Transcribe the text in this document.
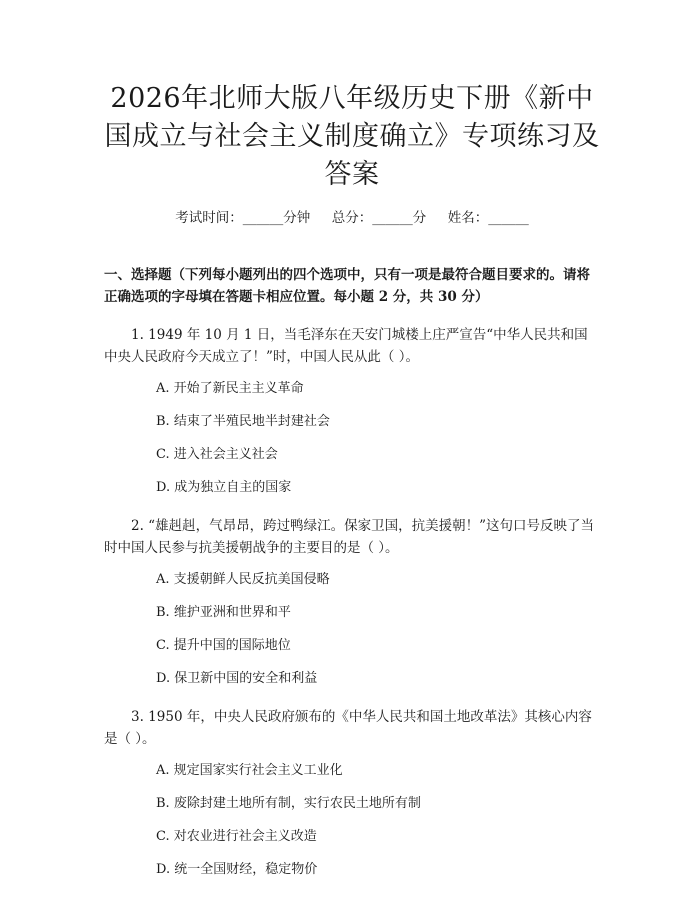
2026年北师大版八年级历史下册《新中国成立与社会主义制度确立》专项练习及答案
考试时间：______分钟     总分：______分     姓名：______
一、选择题（下列每小题列出的四个选项中，只有一项是最符合题目要求的。请将正确选项的字母填在答题卡相应位置。每小题 2 分，共 30 分）

1. 1949 年 10 月 1 日，当毛泽东在天安门城楼上庄严宣告“中华人民共和国中央人民政府今天成立了！”时，中国人民从此（ ）。

A. 开始了新民主主义革命
B. 结束了半殖民地半封建社会
C. 进入社会主义社会
D. 成为独立自主的国家

2. “雄赳赳，气昂昂，跨过鸭绿江。保家卫国，抗美援朝！”这句口号反映了当时中国人民参与抗美援朝战争的主要目的是（ ）。

A. 支援朝鲜人民反抗美国侵略
B. 维护亚洲和世界和平
C. 提升中国的国际地位
D. 保卫新中国的安全和利益

3. 1950 年，中央人民政府颁布的《中华人民共和国土地改革法》其核心内容是（ ）。

A. 规定国家实行社会主义工业化
B. 废除封建土地所有制，实行农民土地所有制
C. 对农业进行社会主义改造
D. 统一全国财经，稳定物价
